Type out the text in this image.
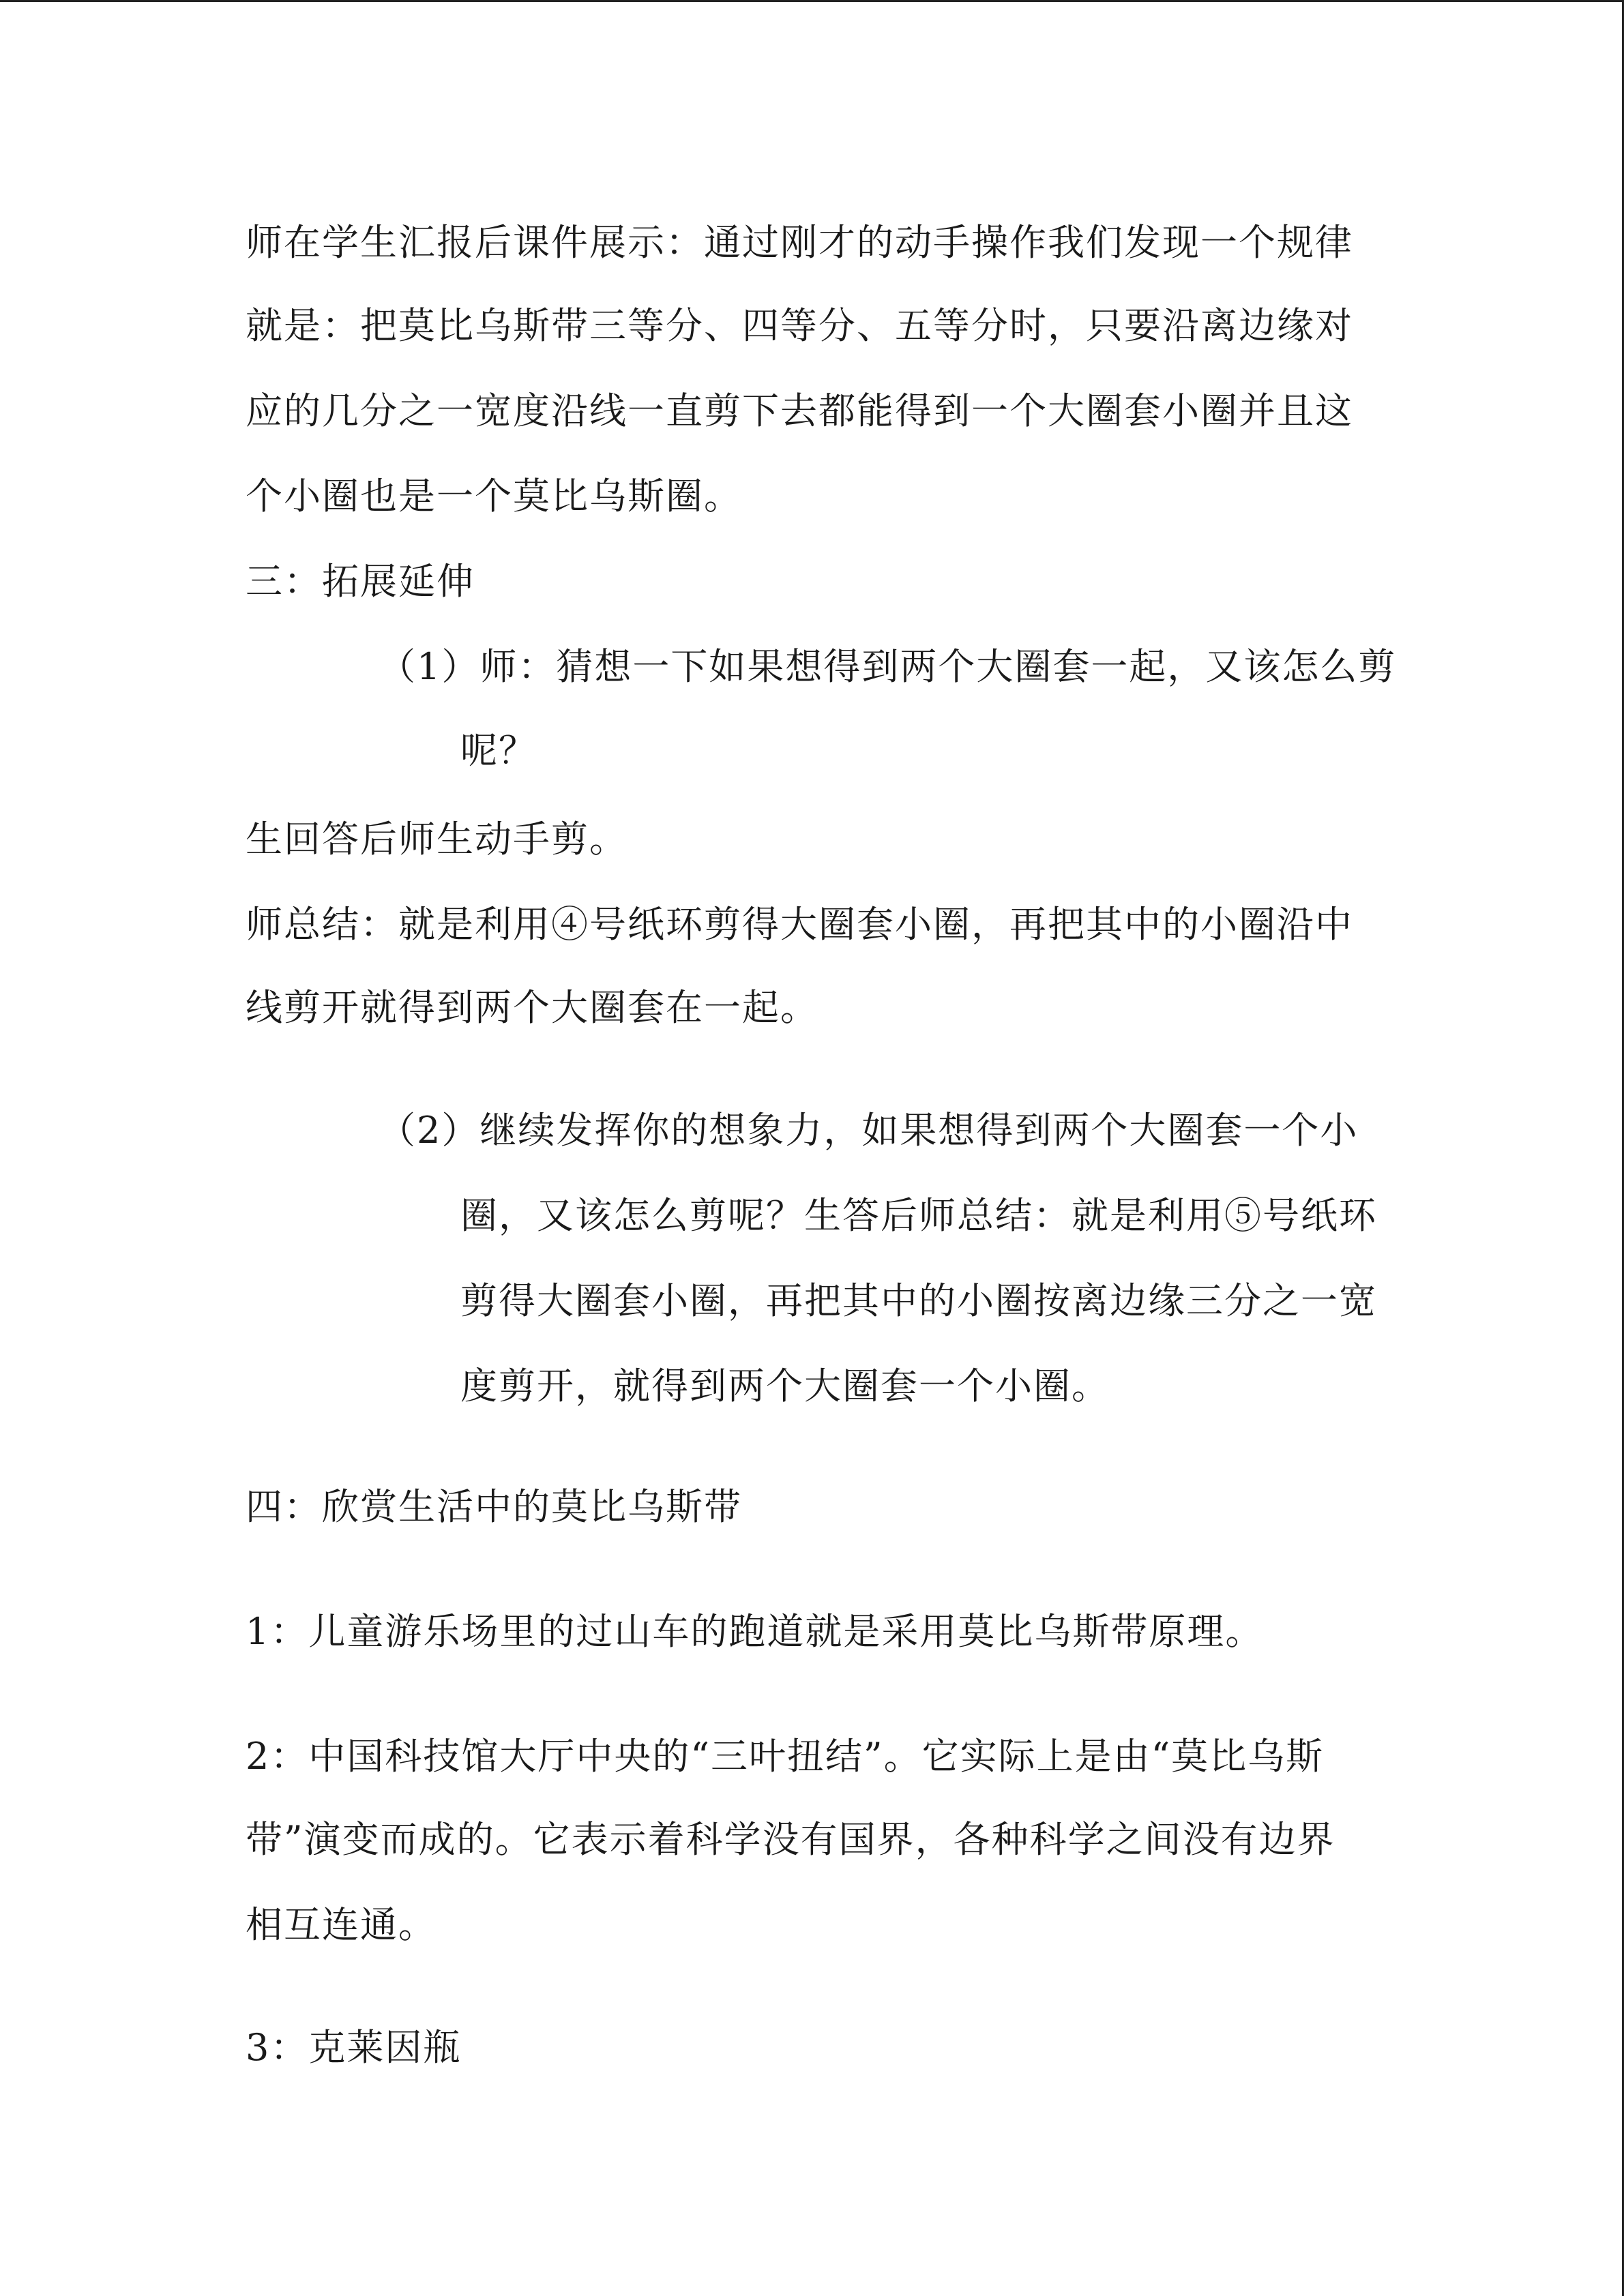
师在学生汇报后课件展示：通过刚才的动手操作我们发现一个规律
就是：把莫比乌斯带三等分、四等分、五等分时，只要沿离边缘对
应的几分之一宽度沿线一直剪下去都能得到一个大圈套小圈并且这
个小圈也是一个莫比乌斯圈。
三：拓展延伸
（1）师：猜想一下如果想得到两个大圈套一起，又该怎么剪
呢？
生回答后师生动手剪。
师总结：就是利用④号纸环剪得大圈套小圈，再把其中的小圈沿中
线剪开就得到两个大圈套在一起。
（2）继续发挥你的想象力，如果想得到两个大圈套一个小
圈，又该怎么剪呢？生答后师总结：就是利用⑤号纸环
剪得大圈套小圈，再把其中的小圈按离边缘三分之一宽
度剪开，就得到两个大圈套一个小圈。
四：欣赏生活中的莫比乌斯带
1：儿童游乐场里的过山车的跑道就是采用莫比乌斯带原理。
2：中国科技馆大厅中央的“三叶扭结”。它实际上是由“莫比乌斯
带”演变而成的。它表示着科学没有国界，各种科学之间没有边界
相互连通。
3：克莱因瓶
